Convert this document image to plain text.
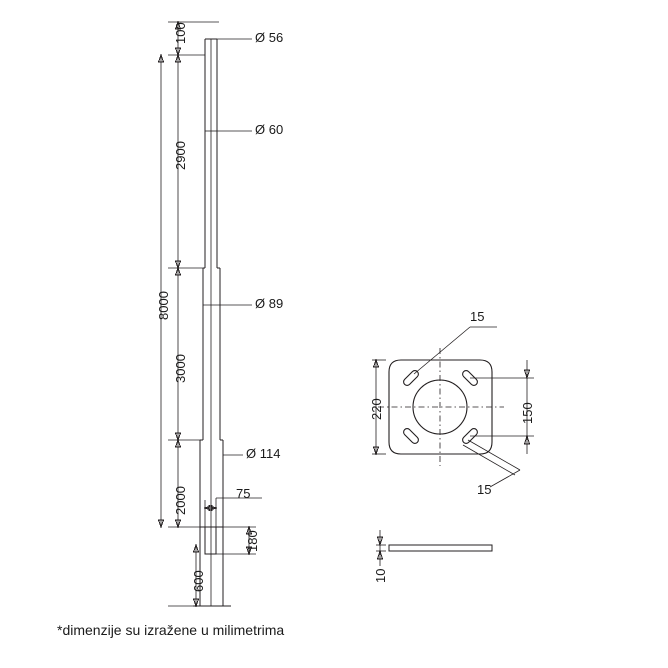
100
2900
8000
3000
2000
600
Ø 56
Ø 60
Ø 89
Ø 114
75
180
15
220	150
15
10
*dimenzije su izražene u milimetrima
